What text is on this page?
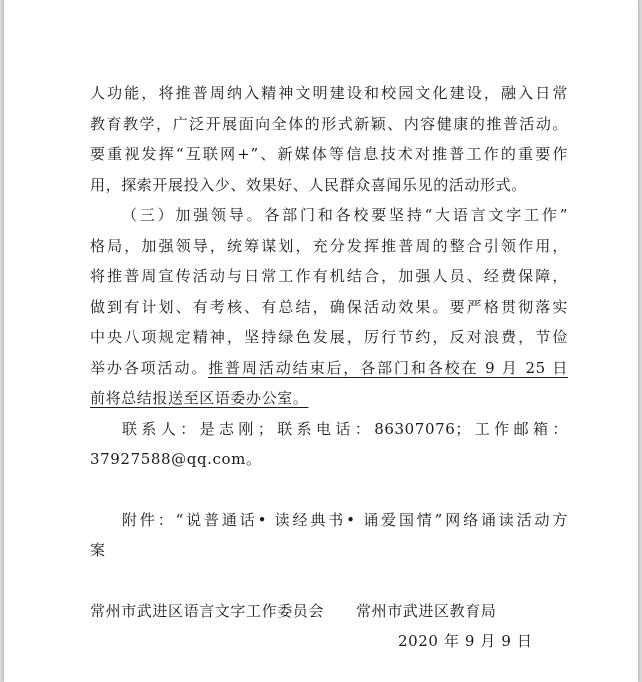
人功能，将推普周纳入精神文明建设和校园文化建设，融入日常

教育教学，广泛开展面向全体的形式新颖、内容健康的推普活动。

要重视发挥“互联网+”、新媒体等信息技术对推普工作的重要作

用，探索开展投入少、效果好、人民群众喜闻乐见的活动形式。

（三）加强领导。各部门和各校要坚持“大语言文字工作”

格局，加强领导，统筹谋划，充分发挥推普周的整合引领作用，

将推普周宣传活动与日常工作有机结合，加强人员、经费保障，

做到有计划、有考核、有总结，确保活动效果。要严格贯彻落实

中央八项规定精神，坚持绿色发展，厉行节约，反对浪费，节俭

举办各项活动。推普周活动结束后，各部门和各校在 9 月 25 日

前将总结报送至区语委办公室。

联系人：是志刚；联系电话：86307076；工作邮箱：

37927588@qq.com。

附件：“说普通话• 读经典书• 诵爱国情”网络诵读活动方

案

常州市武进区语言文字工作委员会 常州市武进区教育局
2020 年 9 月 9 日
